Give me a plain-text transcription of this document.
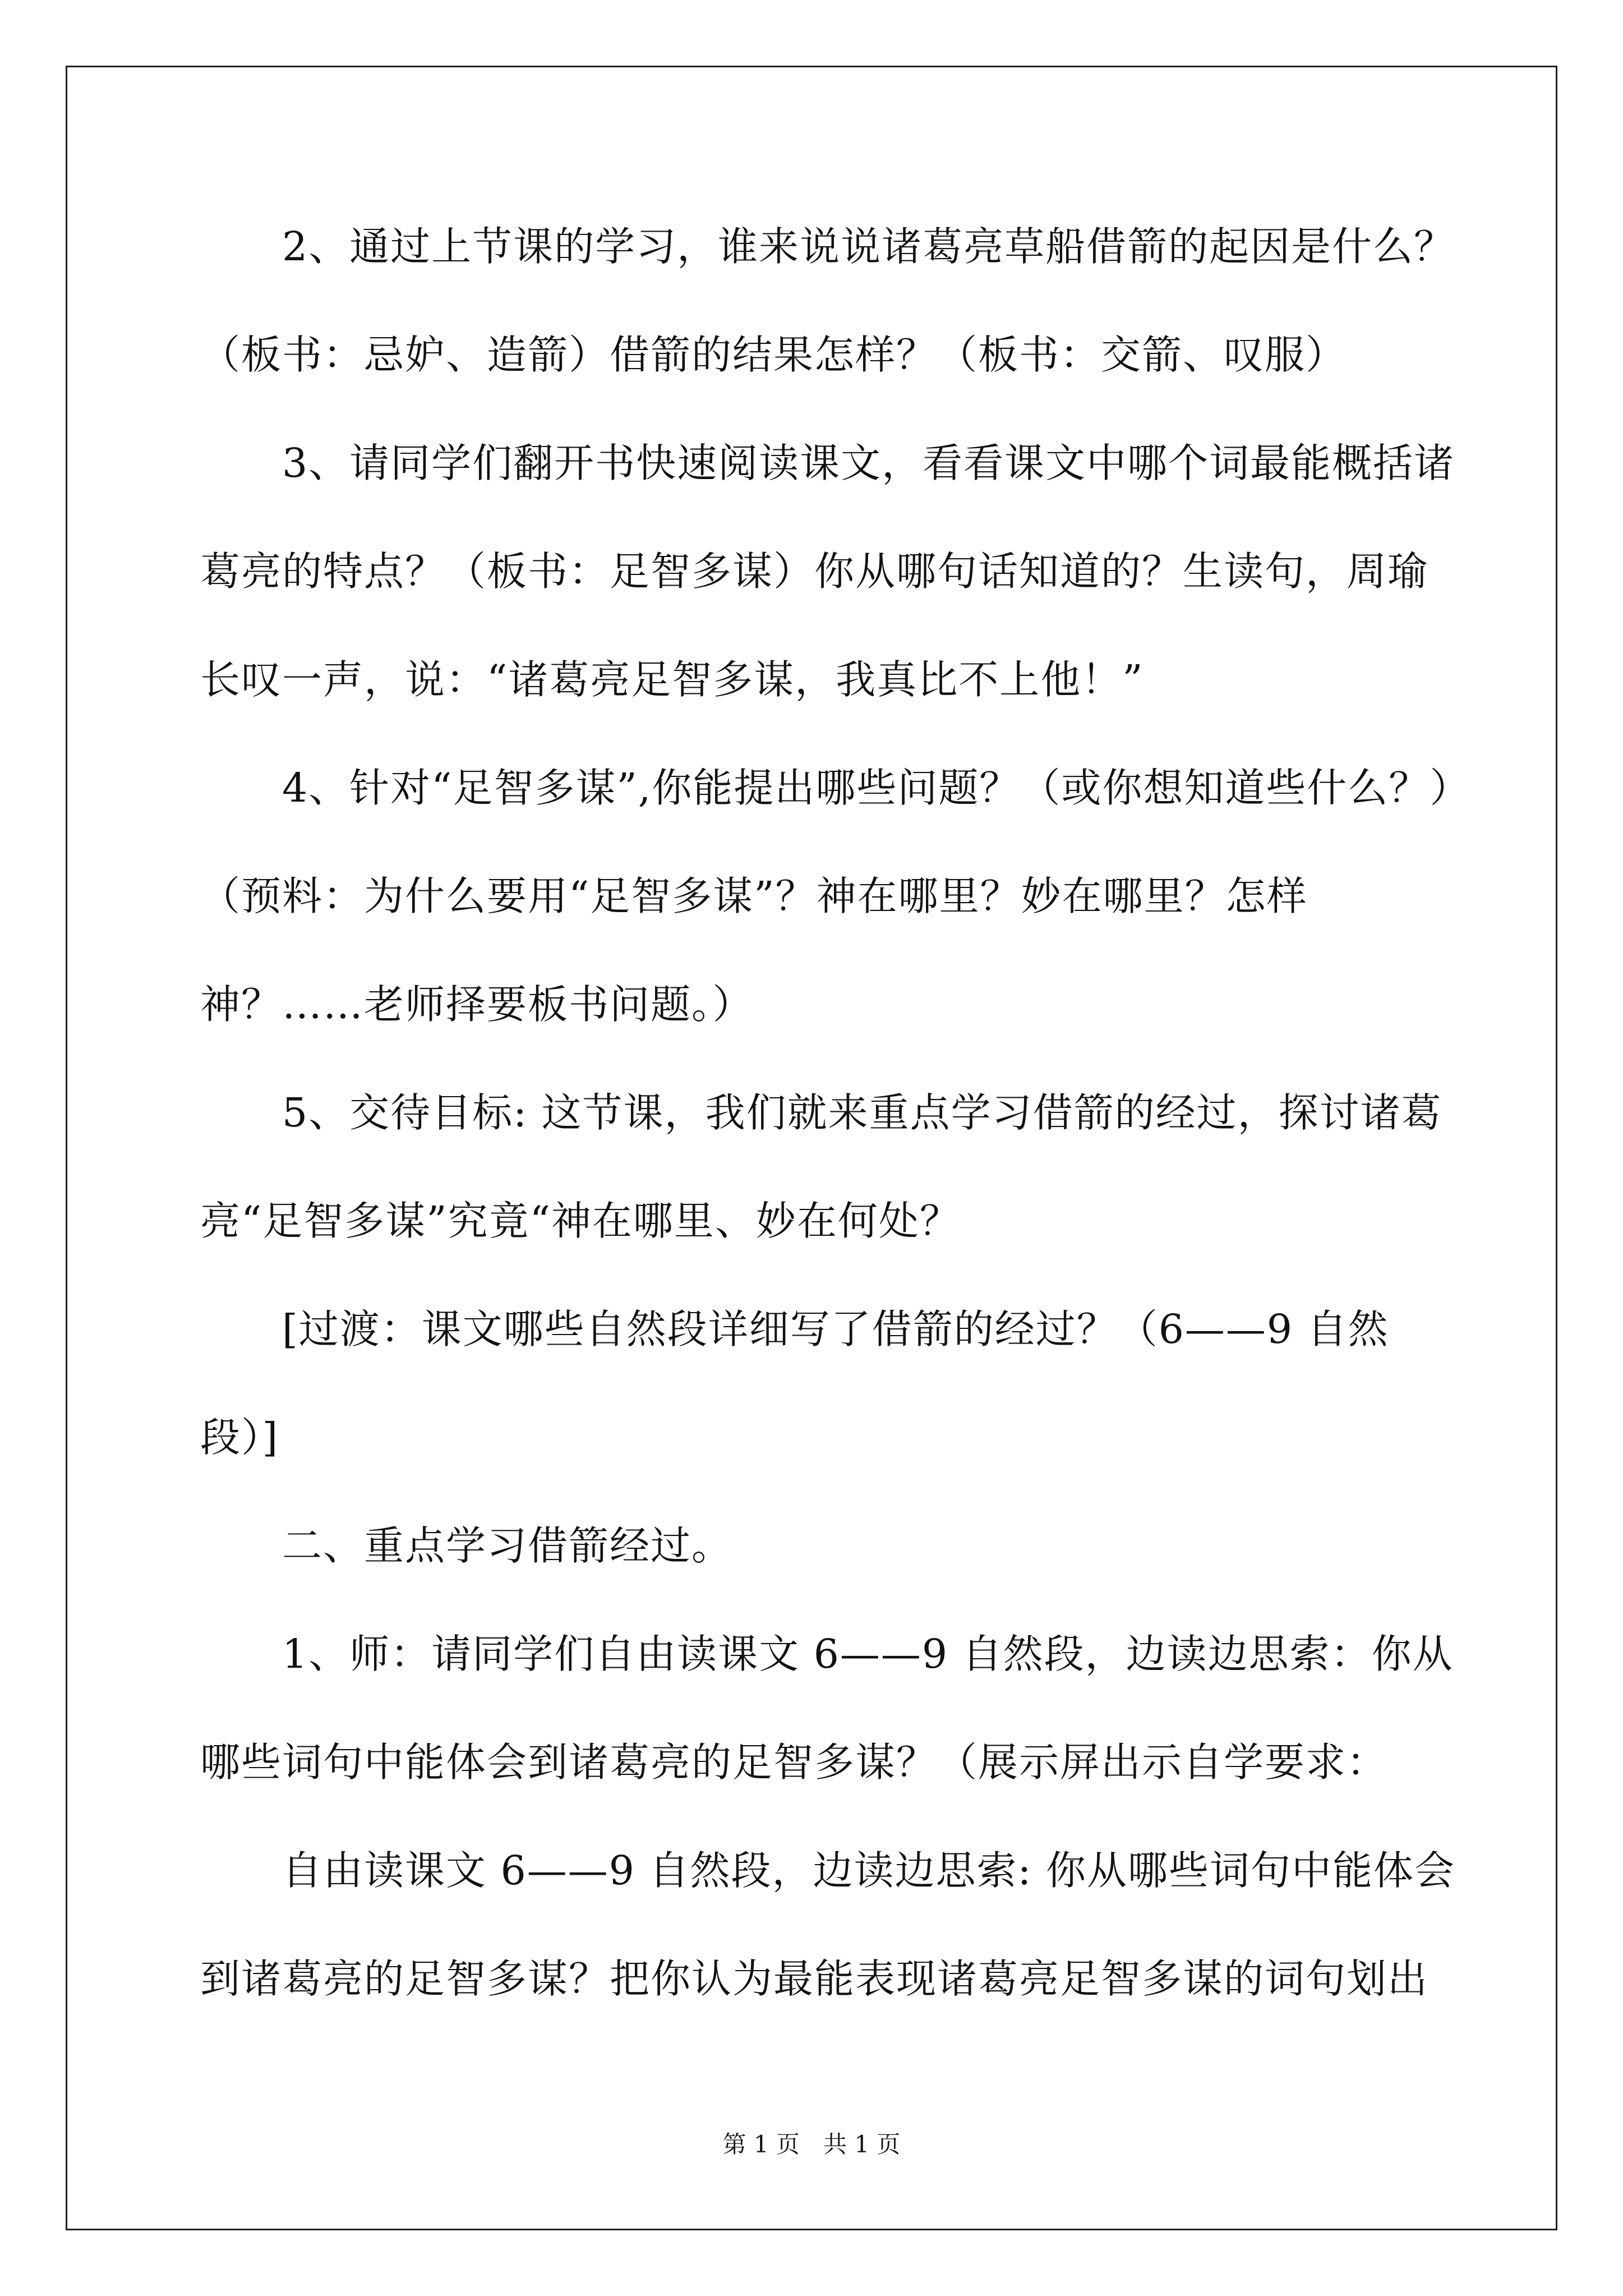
　　2、通过上节课的学习，谁来说说诸葛亮草船借箭的起因是什么？
（板书：忌妒、造箭）借箭的结果怎样？（板书：交箭、叹服）
　　3、请同学们翻开书快速阅读课文，看看课文中哪个词最能概括诸
葛亮的特点？（板书：足智多谋）你从哪句话知道的？生读句，周瑜
长叹一声，说：“诸葛亮足智多谋，我真比不上他！”
　　4、针对“足智多谋”,你能提出哪些问题？（或你想知道些什么？）
（预料：为什么要用“足智多谋”？神在哪里？妙在哪里？怎样
神？……老师择要板书问题。）
　　5、交待目标: 这节课，我们就来重点学习借箭的经过，探讨诸葛
亮“足智多谋”究竟“神在哪里、妙在何处？
　　[过渡：课文哪些自然段详细写了借箭的经过？（6——9 自然
段）]
　　二、重点学习借箭经过。
　　1、师：请同学们自由读课文 6——9 自然段，边读边思索：你从
哪些词句中能体会到诸葛亮的足智多谋？（展示屏出示自学要求：
　　自由读课文 6——9 自然段，边读边思索: 你从哪些词句中能体会
到诸葛亮的足智多谋？把你认为最能表现诸葛亮足智多谋的词句划出
第 1 页　共 1 页
